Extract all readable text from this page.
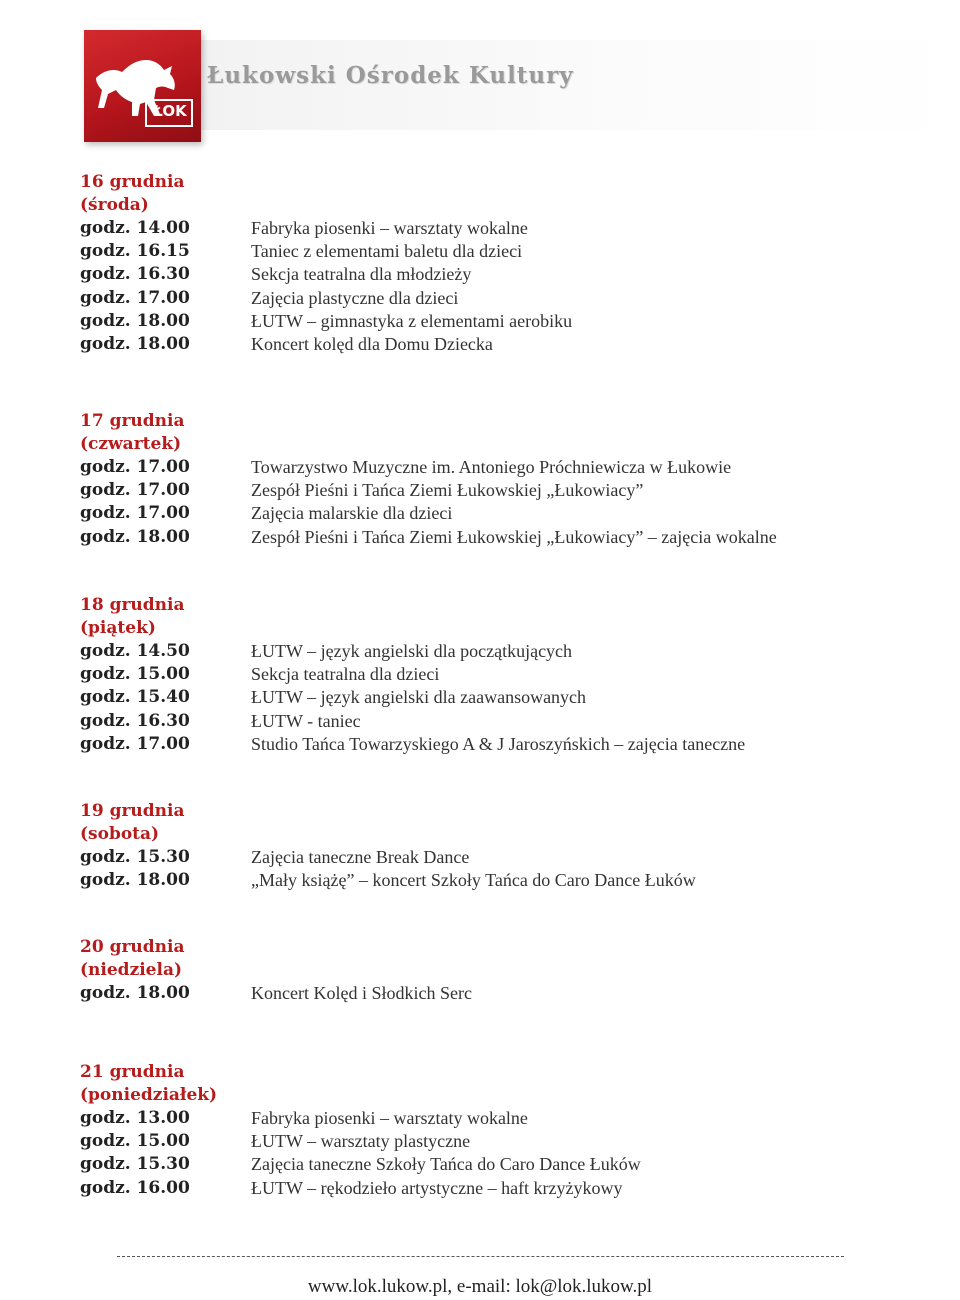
ŁOK
Łukowski Ośrodek Kultury
16 grudnia
(środa)
godz. 14.00	Fabryka piosenki – warsztaty wokalne
godz. 16.15	Taniec z elementami baletu dla dzieci
godz. 16.30	Sekcja teatralna dla młodzieży
godz. 17.00	Zajęcia plastyczne dla dzieci
godz. 18.00	ŁUTW – gimnastyka z elementami aerobiku
godz. 18.00	Koncert kolęd dla Domu Dziecka
17 grudnia
(czwartek)
godz. 17.00	Towarzystwo Muzyczne im. Antoniego Próchniewicza w Łukowie
godz. 17.00	Zespół Pieśni i Tańca Ziemi Łukowskiej „Łukowiacy”
godz. 17.00	Zajęcia malarskie dla dzieci
godz. 18.00	Zespół Pieśni i Tańca Ziemi Łukowskiej „Łukowiacy” – zajęcia wokalne
18 grudnia
(piątek)
godz. 14.50	ŁUTW – język angielski dla początkujących
godz. 15.00	Sekcja teatralna dla dzieci
godz. 15.40	ŁUTW – język angielski dla zaawansowanych
godz. 16.30	ŁUTW - taniec
godz. 17.00	Studio Tańca Towarzyskiego A & J Jaroszyńskich – zajęcia taneczne
19 grudnia
(sobota)
godz. 15.30	Zajęcia taneczne Break Dance
godz. 18.00	„Mały książę” – koncert Szkoły Tańca do Caro Dance Łuków
20 grudnia
(niedziela)
godz. 18.00	Koncert Kolęd i Słodkich Serc
21 grudnia
(poniedziałek)
godz. 13.00	Fabryka piosenki – warsztaty wokalne
godz. 15.00	ŁUTW – warsztaty plastyczne
godz. 15.30	Zajęcia taneczne Szkoły Tańca do Caro Dance Łuków
godz. 16.00	ŁUTW – rękodzieło artystyczne – haft krzyżykowy
www.lok.lukow.pl, e-mail: lok@lok.lukow.pl
